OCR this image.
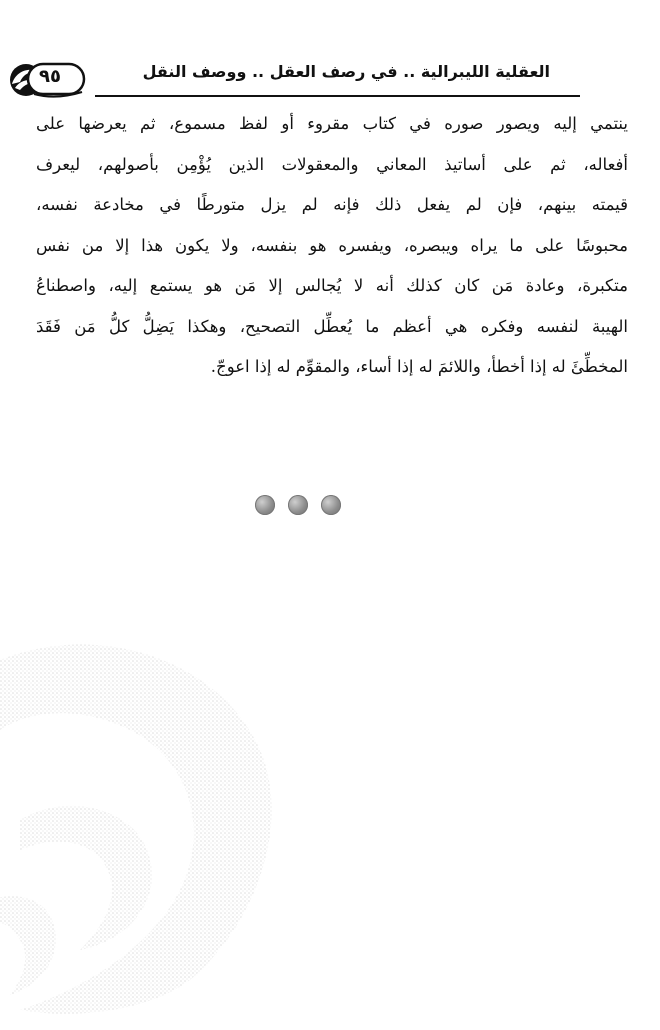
٩٥	العقلية الليبرالية .. في رصف العقل .. ووصف النقل
ينتمي إليه ويصور صوره في كتاب مقروء أو لفظ مسموع، ثم يعرضها على
أفعاله، ثم على أساتيذ المعاني والمعقولات الذين يُؤْمِن بأصولهم، ليعرف
قيمته بينهم، فإن لم يفعل ذلك فإنه لم يزل متورطًا في مخادعة نفسه،
محبوسًا على ما يراه ويبصره، ويفسره هو بنفسه، ولا يكون هذا إلا من نفس
متكبرة، وعادة مَن كان كذلك أنه لا يُجالس إلا مَن هو يستمع إليه، واصطناعُ
الهيبة لنفسه وفكره هي أعظم ما يُعطِّل التصحيح، وهكذا يَضِلُّ كلُّ مَن فَقَدَ
المخطِّئَ له إذا أخطأ، واللائمَ له إذا أساء، والمقوِّم له إذا اعوجّ.
